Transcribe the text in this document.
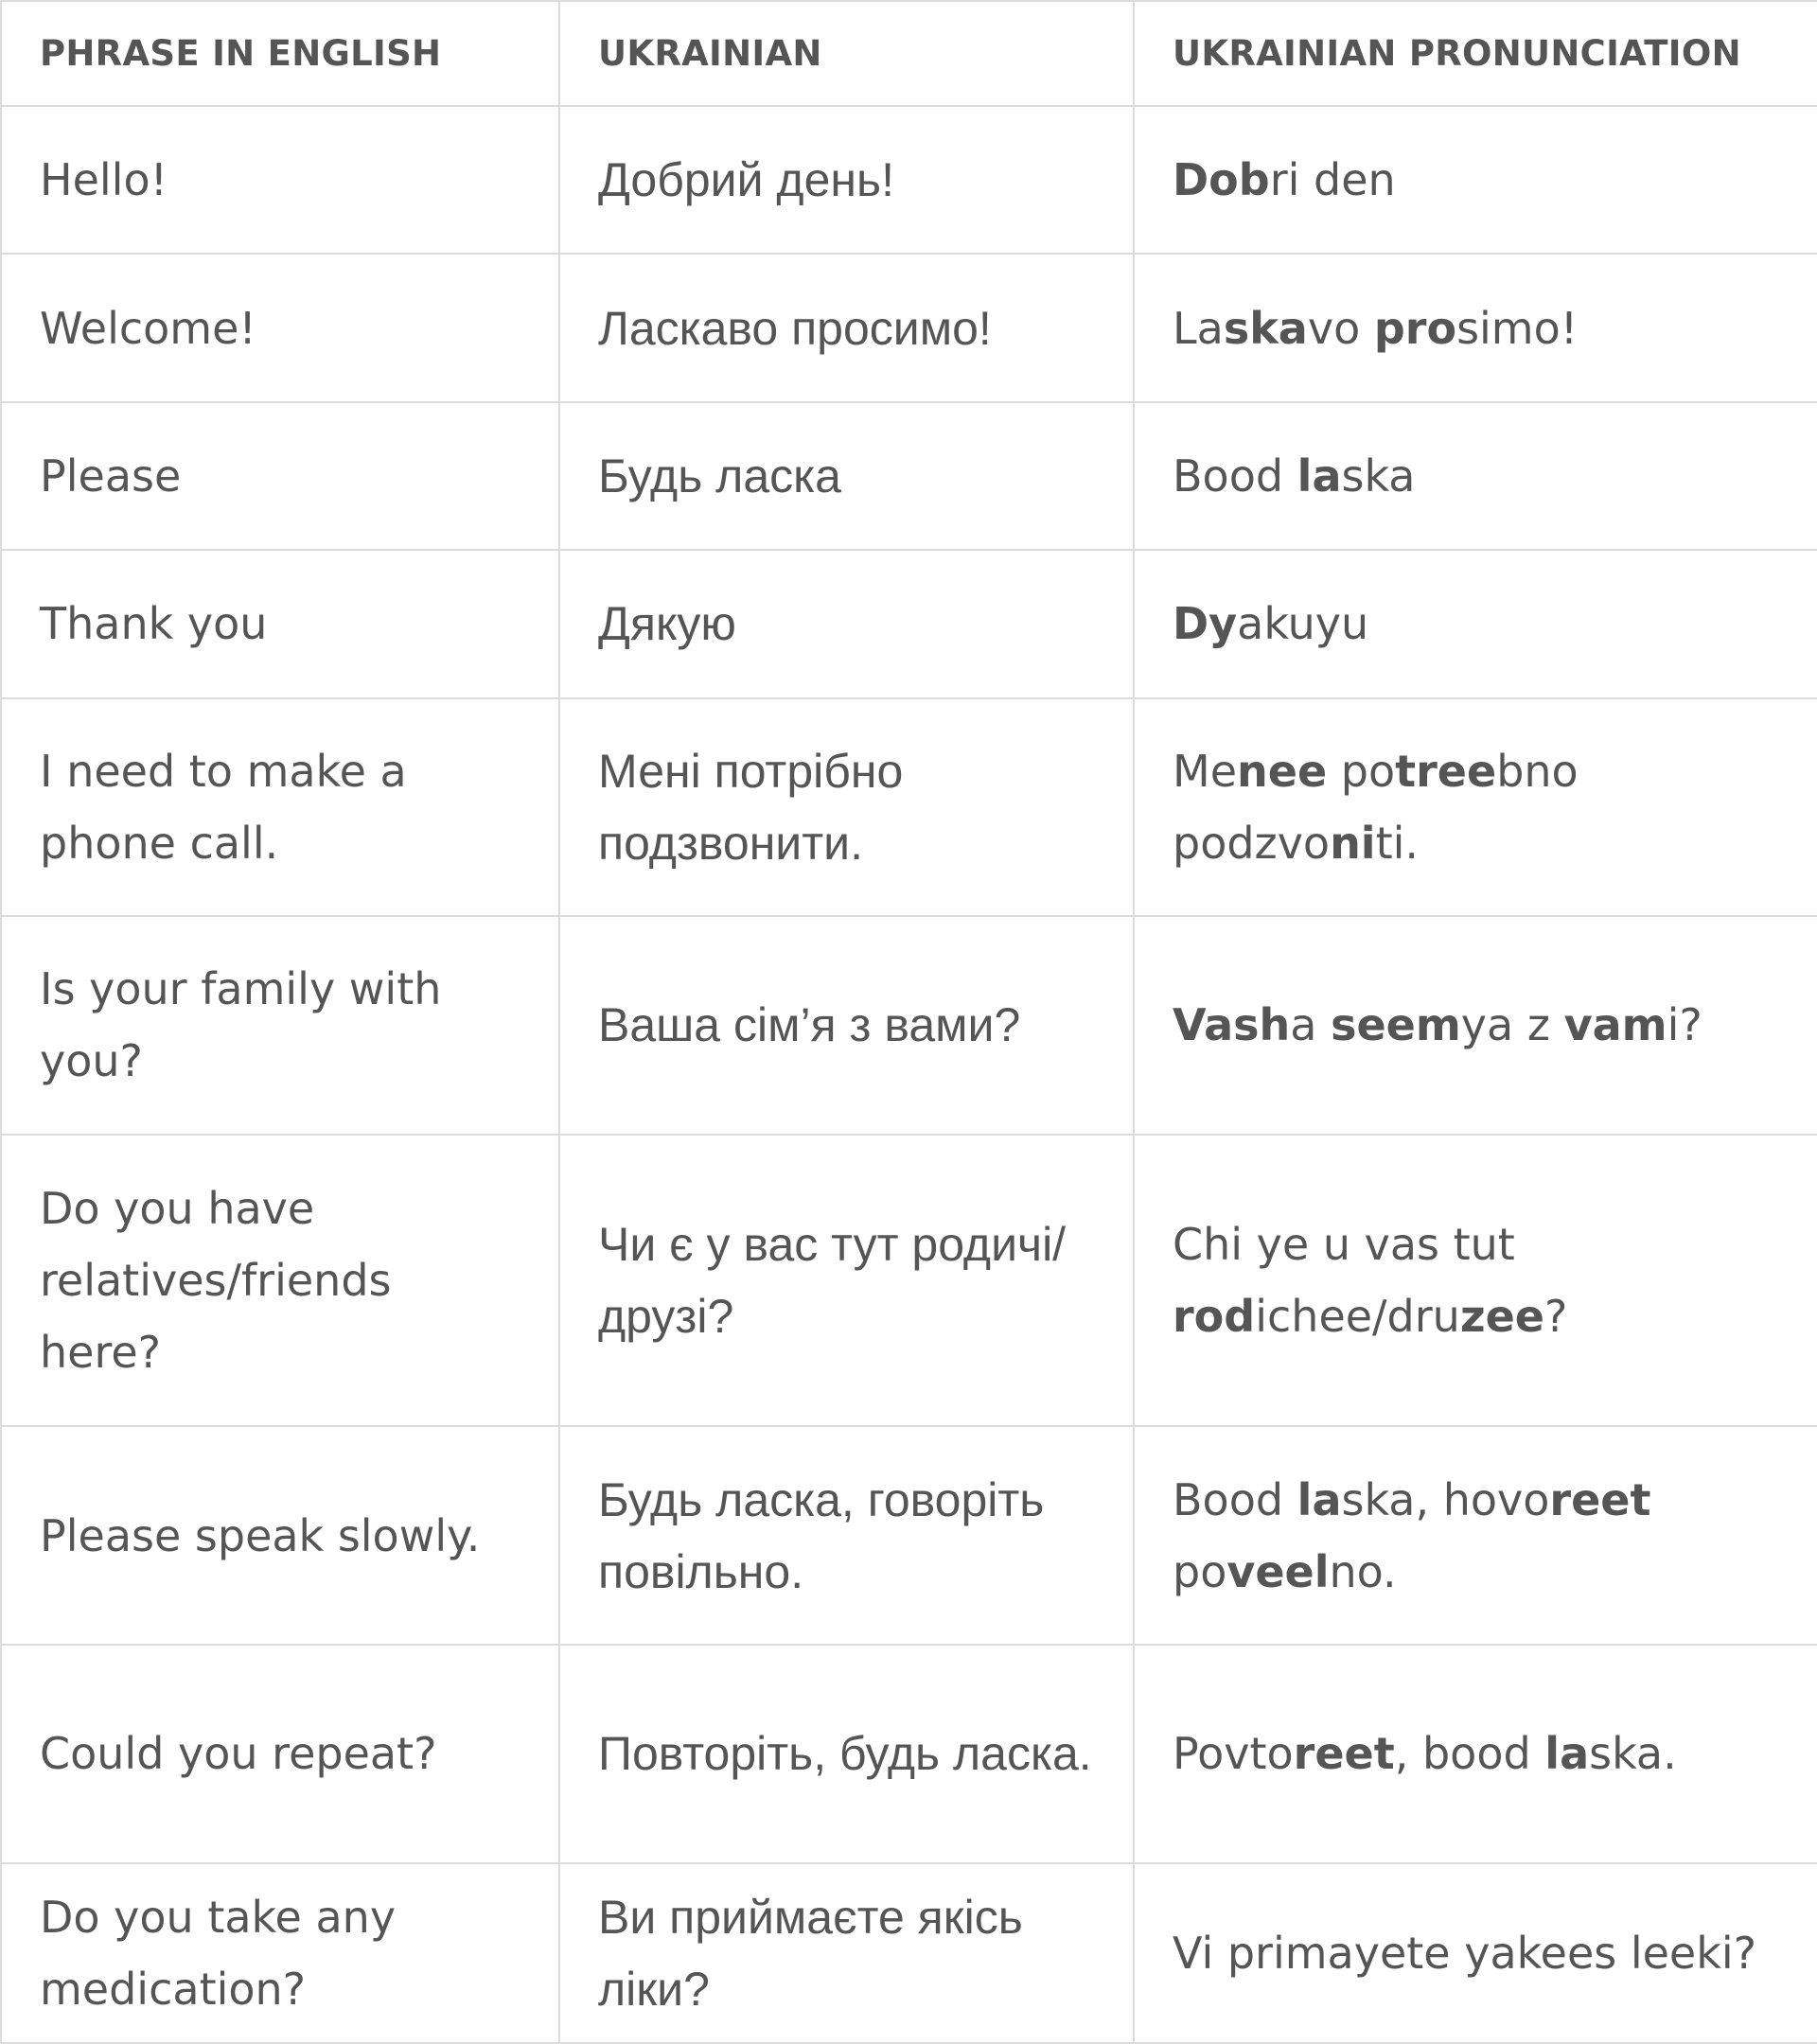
PHRASE IN ENGLISH	UKRAINIAN	UKRAINIAN PRONUNCIATION
Hello!	Добрий день!	Dobri den
Welcome!	Ласкаво просимо!	Laskavo prosimo!
Please	Будь ласка	Bood laska
Thank you	Дякую	Dyakuyu
I need to make a phone call.	Мені потрібно подзвонити.	Menee potreebno podzvoniti.
Is your family with you?	Ваша сім’я з вами?	Vasha seemya z vami?
Do you have relatives/friends here?	Чи є у вас тут родичі/друзі?	Chi ye u vas tut rodichee/druzee?
Please speak slowly.	Будь ласка, говоріть повільно.	Bood laska, hovoreet poveelno.
Could you repeat?	Повторіть, будь ласка.	Povtoreet, bood laska.
Do you take any medication?	Ви приймаєте якісь ліки?	Vi primayete yakees leeki?
